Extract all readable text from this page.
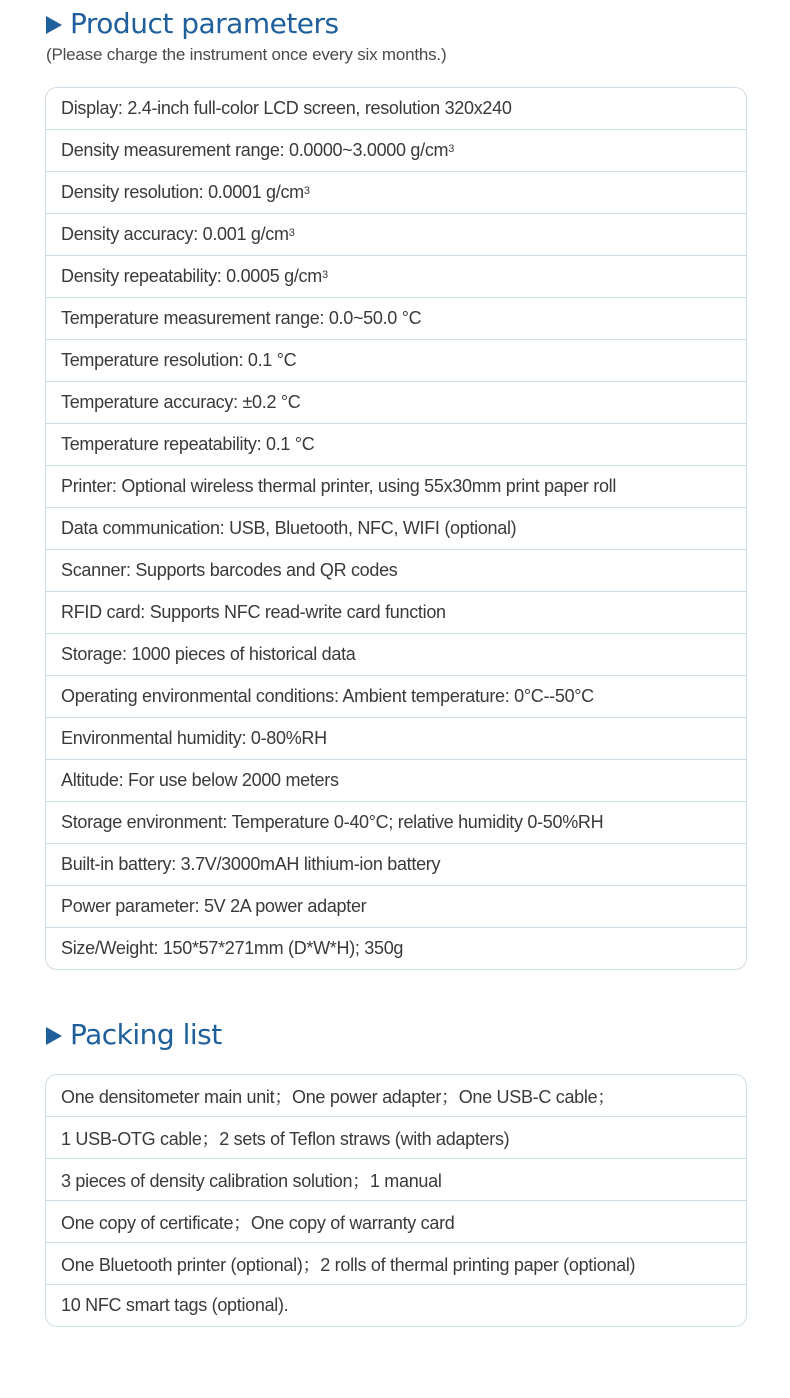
Product parameters
(Please charge the instrument once every six months.)
Display: 2.4-inch full-color LCD screen, resolution 320x240
Density measurement range: 0.0000~3.0000 $g/cm^3$
Density resolution: 0.0001 $g/cm^3$
Density accuracy: 0.001 $g/cm^3$
Density repeatability: 0.0005 $g/cm^3$
Temperature measurement range: 0.0~50.0 °C
Temperature resolution: 0.1 °C
Temperature accuracy: ±0.2 °C
Temperature repeatability: 0.1 °C
Printer: Optional wireless thermal printer, using 55x30mm print paper roll
Data communication: USB, Bluetooth, NFC, WIFI (optional)
Scanner: Supports barcodes and QR codes
RFID card: Supports NFC read-write card function
Storage: 1000 pieces of historical data
Operating environmental conditions: Ambient temperature: 0°C--50°C
Environmental humidity: 0-80%RH
Altitude: For use below 2000 meters
Storage environment: Temperature 0-40°C; relative humidity 0-50%RH
Built-in battery: 3.7V/3000mAH lithium-ion battery
Power parameter: 5V 2A power adapter
Size/Weight: 150*57*271mm (D*W*H); 350g
Packing list
One densitometer main unit；One power adapter；One USB-C cable；
1 USB-OTG cable；2 sets of Teflon straws (with adapters)
3 pieces of density calibration solution；1 manual
One copy of certificate；One copy of warranty card
One Bluetooth printer (optional)；2 rolls of thermal printing paper (optional)
10 NFC smart tags (optional).
